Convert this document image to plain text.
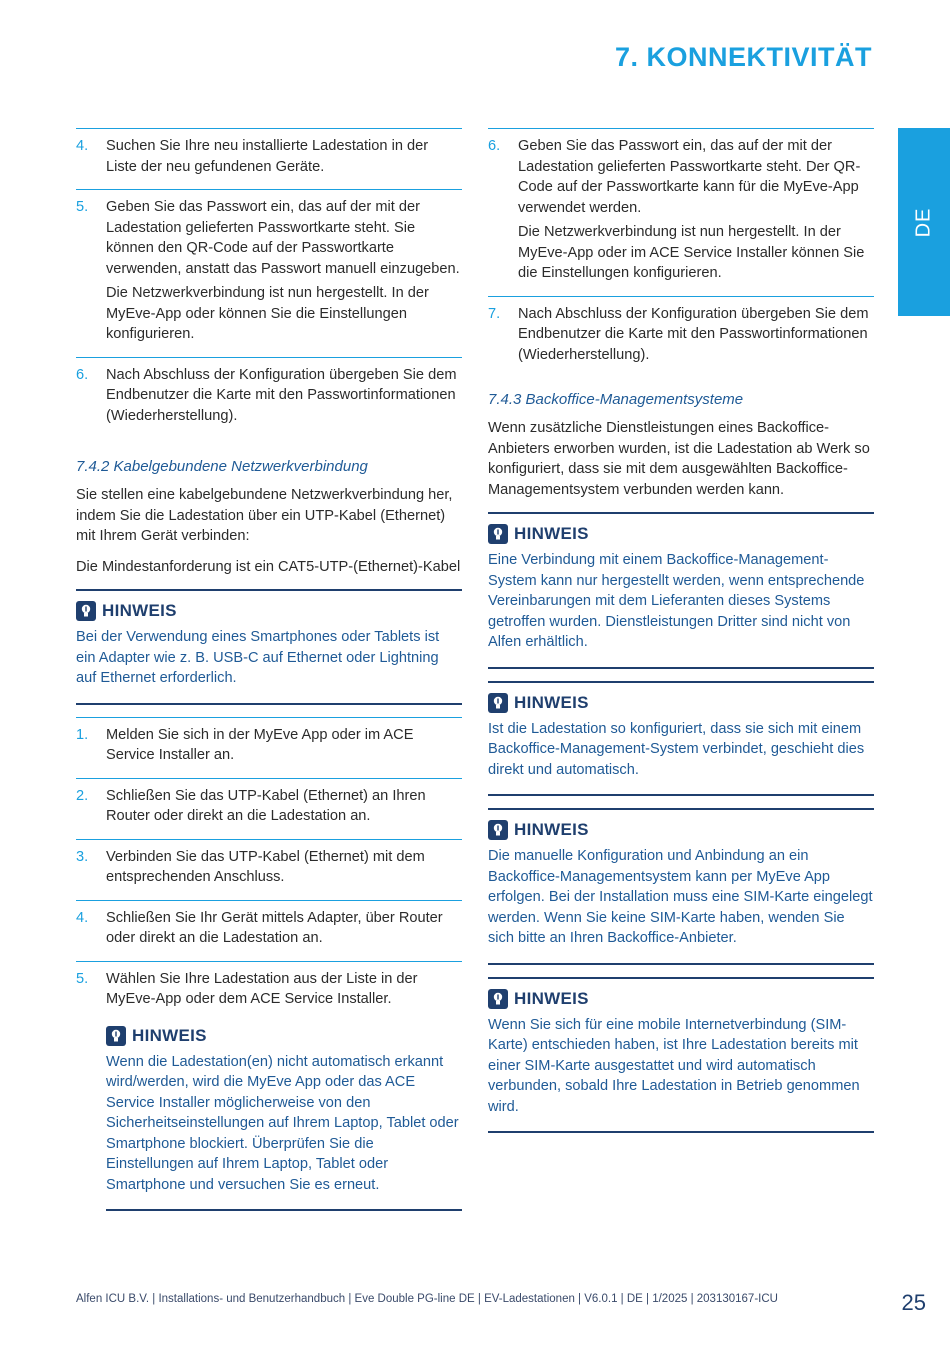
7. KONNEKTIVITÄT
DE
4.	Suchen Sie Ihre neu installierte Ladestation in der Liste der neu gefundenen Geräte.

5.	Geben Sie das Passwort ein, das auf der mit der Ladestation gelieferten Passwortkarte steht. Sie können den QR-Code auf der Passwortkarte verwenden, anstatt das Passwort manuell einzugeben.

Die Netzwerkverbindung ist nun hergestellt. In der MyEve-App oder können Sie die Einstellungen konfigurieren.

6.	Nach Abschluss der Konfiguration übergeben Sie dem Endbenutzer die Karte mit den Passwortinformationen (Wiederherstellung).

7.4.2 Kabelgebundene Netzwerkverbindung

Sie stellen eine kabelgebundene Netzwerkverbindung her, indem Sie die Ladestation über ein UTP-Kabel (Ethernet) mit Ihrem Gerät verbinden:

Die Mindestanforderung ist ein CAT5-UTP-(Ethernet)-Kabel

HINWEIS

Bei der Verwendung eines Smartphones oder Tablets ist ein Adapter wie z. B. USB-C auf Ethernet oder Lightning auf Ethernet erforderlich.

1.	Melden Sie sich in der MyEve App oder im ACE Service Installer an.

2.	Schließen Sie das UTP-Kabel (Ethernet) an Ihren Router oder direkt an die Ladestation an.

3.	Verbinden Sie das UTP-Kabel (Ethernet) mit dem entsprechenden Anschluss.

4.	Schließen Sie Ihr Gerät mittels Adapter, über Router oder direkt an die Ladestation an.

5.	Wählen Sie Ihre Ladestation aus der Liste in der MyEve-App oder dem ACE Service Installer.

HINWEIS

Wenn die Ladestation(en) nicht automatisch erkannt wird/werden, wird die MyEve App oder das ACE Service Installer möglicherweise von den Sicherheitseinstellungen auf Ihrem Laptop, Tablet oder Smartphone blockiert. Überprüfen Sie die Einstellungen auf Ihrem Laptop, Tablet oder Smartphone und versuchen Sie es erneut.

6.	Geben Sie das Passwort ein, das auf der mit der Ladestation gelieferten Passwortkarte steht. Der QR-Code auf der Passwortkarte kann für die MyEve-App verwendet werden.

Die Netzwerkverbindung ist nun hergestellt. In der MyEve-App oder im ACE Service Installer können Sie die Einstellungen konfigurieren.

7.	Nach Abschluss der Konfiguration übergeben Sie dem Endbenutzer die Karte mit den Passwortinformationen (Wiederherstellung).

7.4.3 Backoffice-Managementsysteme

Wenn zusätzliche Dienstleistungen eines Backoffice-Anbieters erworben wurden, ist die Ladestation ab Werk so konfiguriert, dass sie mit dem ausgewählten Backoffice-Managementsystem verbunden werden kann.

HINWEIS

Eine Verbindung mit einem Backoffice-Management-System kann nur hergestellt werden, wenn entsprechende Vereinbarungen mit dem Lieferanten dieses Systems getroffen wurden. Dienstleistungen Dritter sind nicht von Alfen erhältlich.

HINWEIS

Ist die Ladestation so konfiguriert, dass sie sich mit einem Backoffice-Management-System verbindet, geschieht dies direkt und automatisch.

HINWEIS

Die manuelle Konfiguration und Anbindung an ein Backoffice-Managementsystem kann per MyEve App erfolgen. Bei der Installation muss eine SIM-Karte eingelegt werden. Wenn Sie keine SIM-Karte haben, wenden Sie sich bitte an Ihren Backoffice-Anbieter.

HINWEIS

Wenn Sie sich für eine mobile Internetverbindung (SIM-Karte) entschieden haben, ist Ihre Ladestation bereits mit einer SIM-Karte ausgestattet und wird automatisch verbunden, sobald Ihre Ladestation in Betrieb genommen wird.

Alfen ICU B.V. | Installations- und Benutzerhandbuch | Eve Double PG-line DE | EV-Ladestationen | V6.0.1 | DE | 1/2025 | 203130167-ICU	25
